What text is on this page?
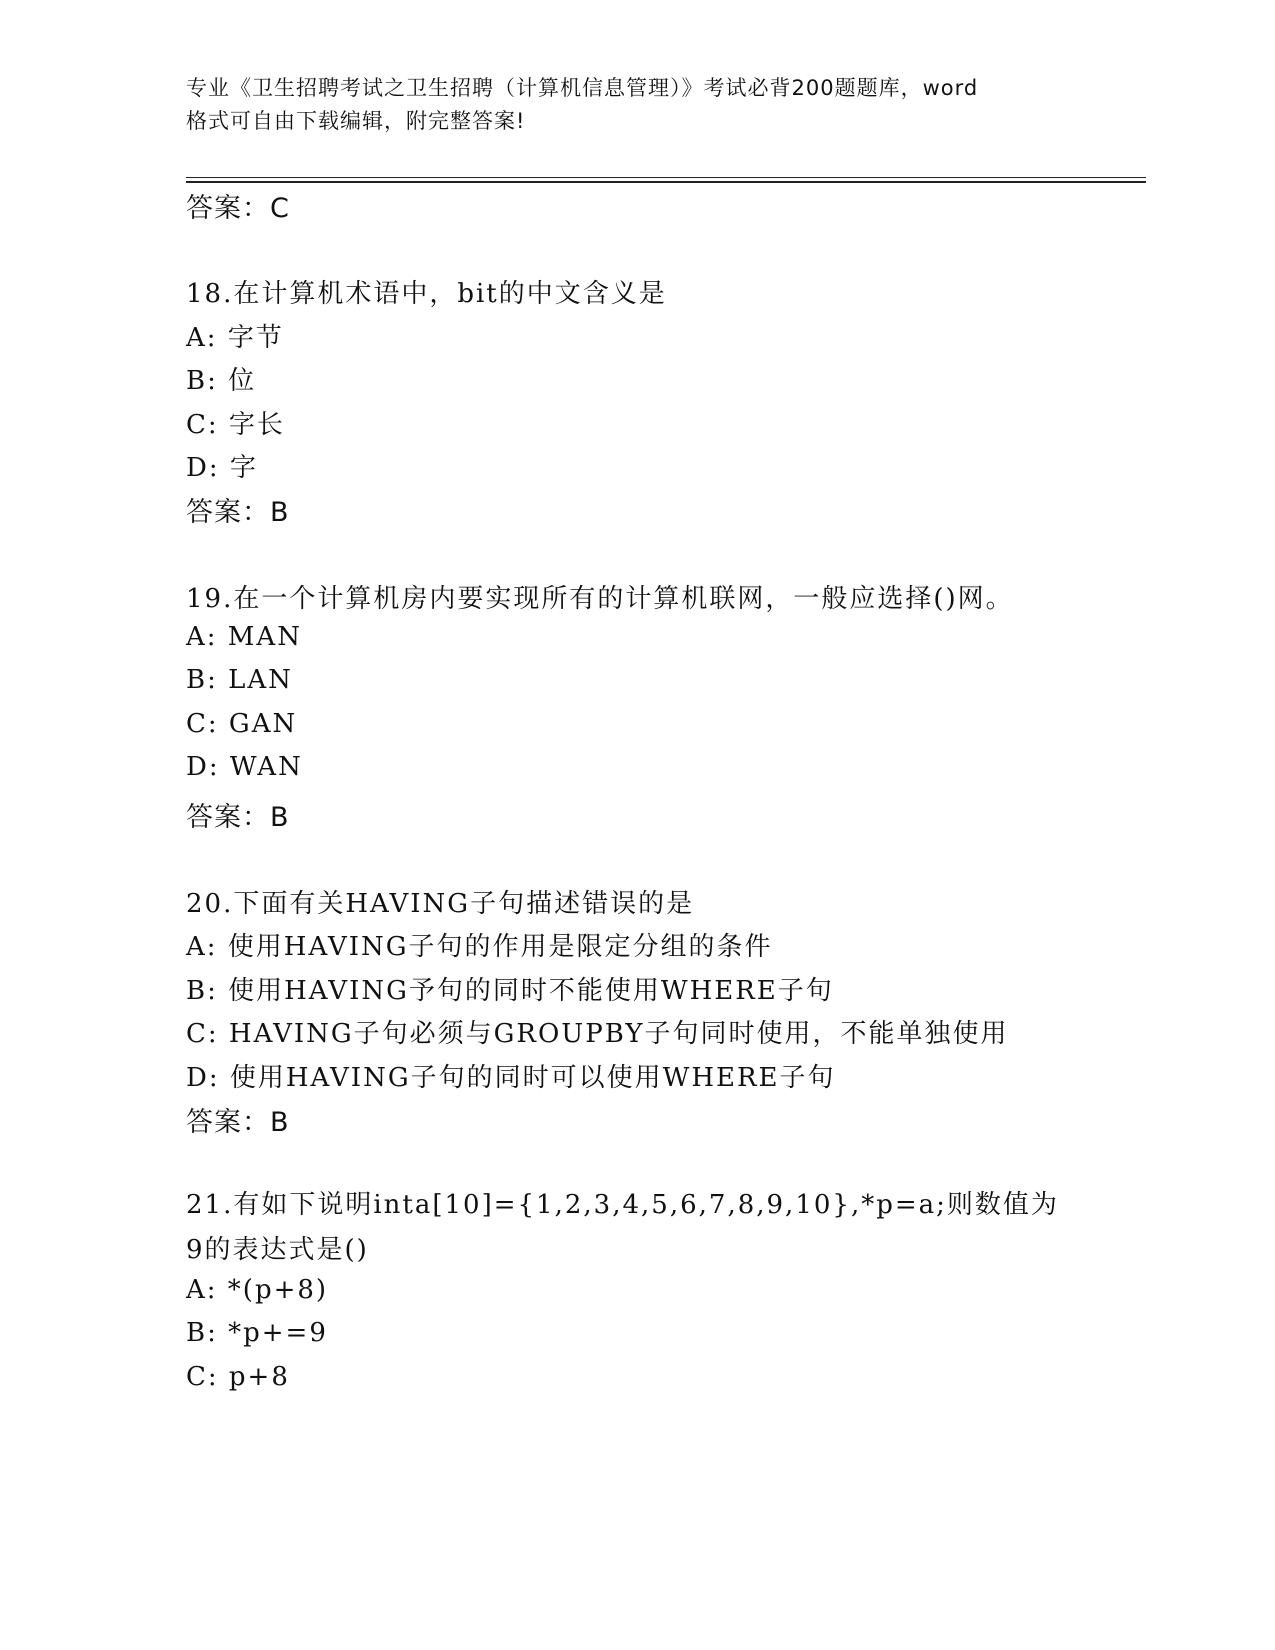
专业《卫生招聘考试之卫生招聘（计算机信息管理）》考试必背200题题库，word
格式可自由下载编辑，附完整答案!
答案：C
18.在计算机术语中，bit的中文含义是
A: 字节
B: 位
C: 字长
D: 字
答案：B
19.在一个计算机房内要实现所有的计算机联网，一般应选择()网。
A: MAN
B: LAN
C: GAN
D: WAN
答案：B
20.下面有关HAVING子句描述错误的是
A: 使用HAVING子句的作用是限定分组的条件
B: 使用HAVING予句的同时不能使用WHERE子句
C: HAVING子句必须与GROUPBY子句同时使用，不能单独使用
D: 使用HAVING子句的同时可以使用WHERE子句
答案：B
21.有如下说明inta[10]={1,2,3,4,5,6,7,8,9,10},*p=a;则数值为9的表达式是()
A: *(p+8)
B: *p+=9
C: p+8
